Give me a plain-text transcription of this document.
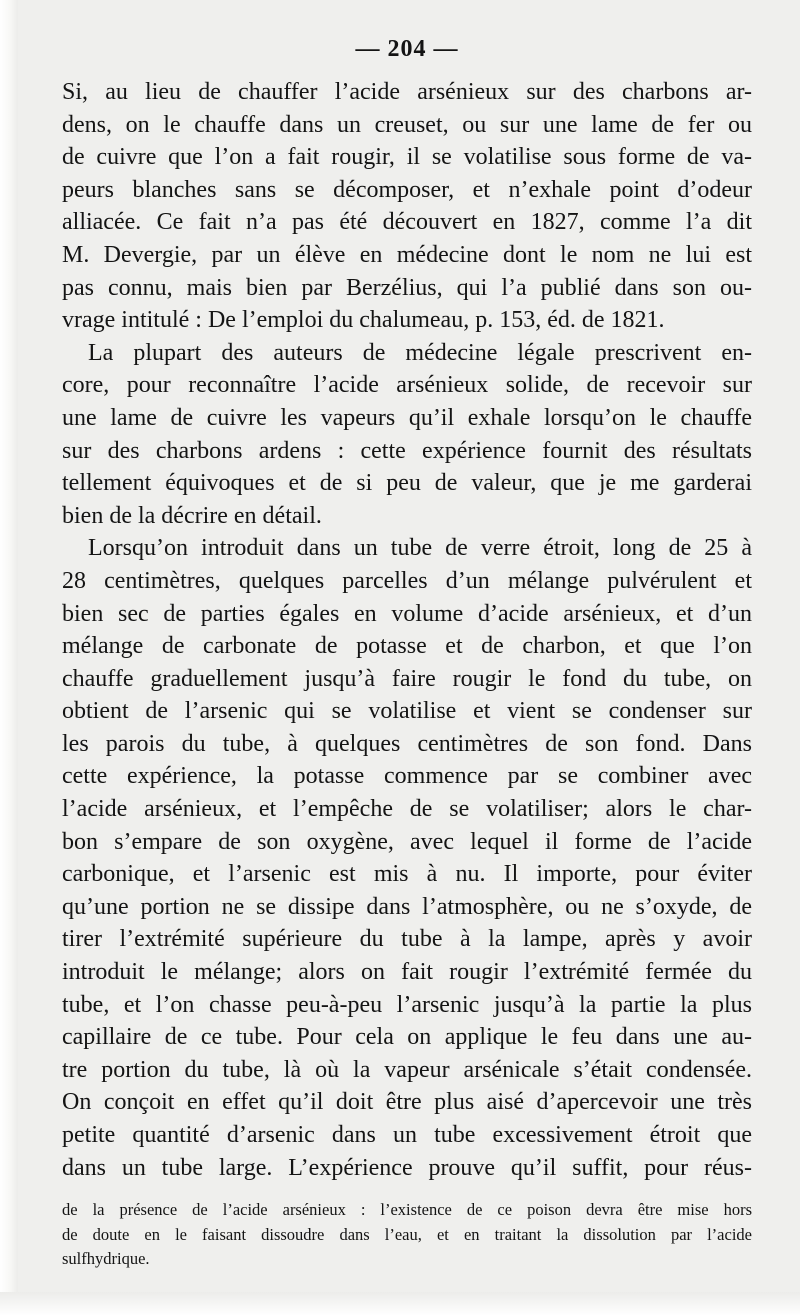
— 204 —
Si, au lieu de chauffer l’acide arsénieux sur des charbons ar-
dens, on le chauffe dans un creuset, ou sur une lame de fer ou
de cuivre que l’on a fait rougir, il se volatilise sous forme de va-
peurs blanches sans se décomposer, et n’exhale point d’odeur
alliacée. Ce fait n’a pas été découvert en 1827, comme l’a dit
M. Devergie, par un élève en médecine dont le nom ne lui est
pas connu, mais bien par Berzélius, qui l’a publié dans son ou-
vrage intitulé : De l’emploi du chalumeau, p. 153, éd. de 1821.
La plupart des auteurs de médecine légale prescrivent en-
core, pour reconnaître l’acide arsénieux solide, de recevoir sur
une lame de cuivre les vapeurs qu’il exhale lorsqu’on le chauffe
sur des charbons ardens : cette expérience fournit des résultats
tellement équivoques et de si peu de valeur, que je me garderai
bien de la décrire en détail.
Lorsqu’on introduit dans un tube de verre étroit, long de 25 à
28 centimètres, quelques parcelles d’un mélange pulvérulent et
bien sec de parties égales en volume d’acide arsénieux, et d’un
mélange de carbonate de potasse et de charbon, et que l’on
chauffe graduellement jusqu’à faire rougir le fond du tube, on
obtient de l’arsenic qui se volatilise et vient se condenser sur
les parois du tube, à quelques centimètres de son fond. Dans
cette expérience, la potasse commence par se combiner avec
l’acide arsénieux, et l’empêche de se volatiliser; alors le char-
bon s’empare de son oxygène, avec lequel il forme de l’acide
carbonique, et l’arsenic est mis à nu. Il importe, pour éviter
qu’une portion ne se dissipe dans l’atmosphère, ou ne s’oxyde, de
tirer l’extrémité supérieure du tube à la lampe, après y avoir
introduit le mélange; alors on fait rougir l’extrémité fermée du
tube, et l’on chasse peu-à-peu l’arsenic jusqu’à la partie la plus
capillaire de ce tube. Pour cela on applique le feu dans une au-
tre portion du tube, là où la vapeur arsénicale s’était condensée.
On conçoit en effet qu’il doit être plus aisé d’apercevoir une très
petite quantité d’arsenic dans un tube excessivement étroit que
dans un tube large. L’expérience prouve qu’il suffit, pour réus-
de la présence de l’acide arsénieux : l’existence de ce poison devra être mise hors
de doute en le faisant dissoudre dans l’eau, et en traitant la dissolution par l’acide
sulfhydrique.
